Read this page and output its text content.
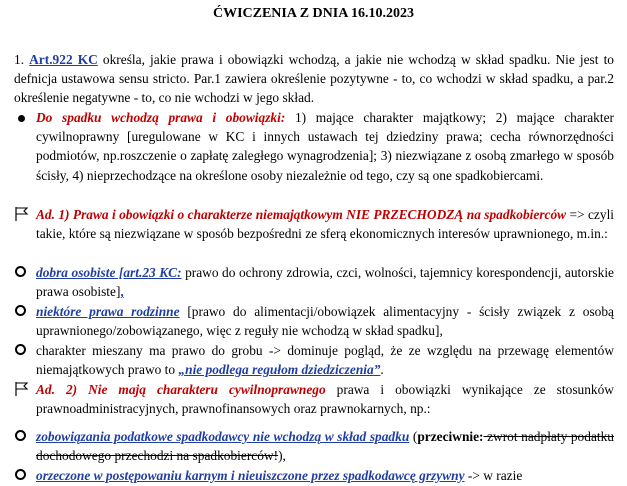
ĆWICZENIA Z DNIA 16.10.2023
1. Art.922 KC określa, jakie prawa i obowiązki wchodzą, a jakie nie wchodzą w skład spadku. Nie jest to defnicja ustawowa sensu stricto. Par.1 zawiera określenie pozytywne - to, co wchodzi w skład spadku, a par.2 określenie negatywne - to, co nie wchodzi w jego skład.
Do spadku wchodzą prawa i obowiązki: 1) mające charakter majątkowy; 2) mające charakter cywilnoprawny [uregulowane w KC i innych ustawach tej dziedziny prawa; cecha równorzędności podmiotów, np.roszczenie o zapłatę zaległego wynagrodzenia]; 3) niezwiązane z osobą zmarłego w sposób ścisły, 4) nieprzechodzące na określone osoby niezależnie od tego, czy są one spadkobiercami.
Ad. 1) Prawa i obowiązki o charakterze niemajątkowym NIE PRZECHODZĄ na spadkobierców => czyli takie, które są niezwiązane w sposób bezpośredni ze sferą ekonomicznych interesów uprawnionego, m.in.:
dobra osobiste [art.23 KC: prawo do ochrony zdrowia, czci, wolności, tajemnicy korespondencji, autorskie prawa osobiste],
niektóre prawa rodzinne [prawo do alimentacji/obowiązek alimentacyjny - ścisły związek z osobą uprawnionego/zobowiązanego, więc z reguły nie wchodzą w skład spadku],
charakter mieszany ma prawo do grobu -> dominuje pogląd, że ze względu na przewagę elementów niemajątkowych prawo to „nie podlega regułom dziedziczenia”.
Ad. 2) Nie mają charakteru cywilnoprawnego prawa i obowiązki wynikające ze stosunków prawnoadministracyjnych, prawnofinansowych oraz prawnokarnych, np.:
zobowiązania podatkowe spadkodawcy nie wchodzą w skład spadku (przeciwnie: zwrot nadpłaty podatku dochodowego przechodzi na spadkobierców!),
orzeczone w postępowaniu karnym i nieuiszczone przez spadkodawcę grzywny -> w razie
